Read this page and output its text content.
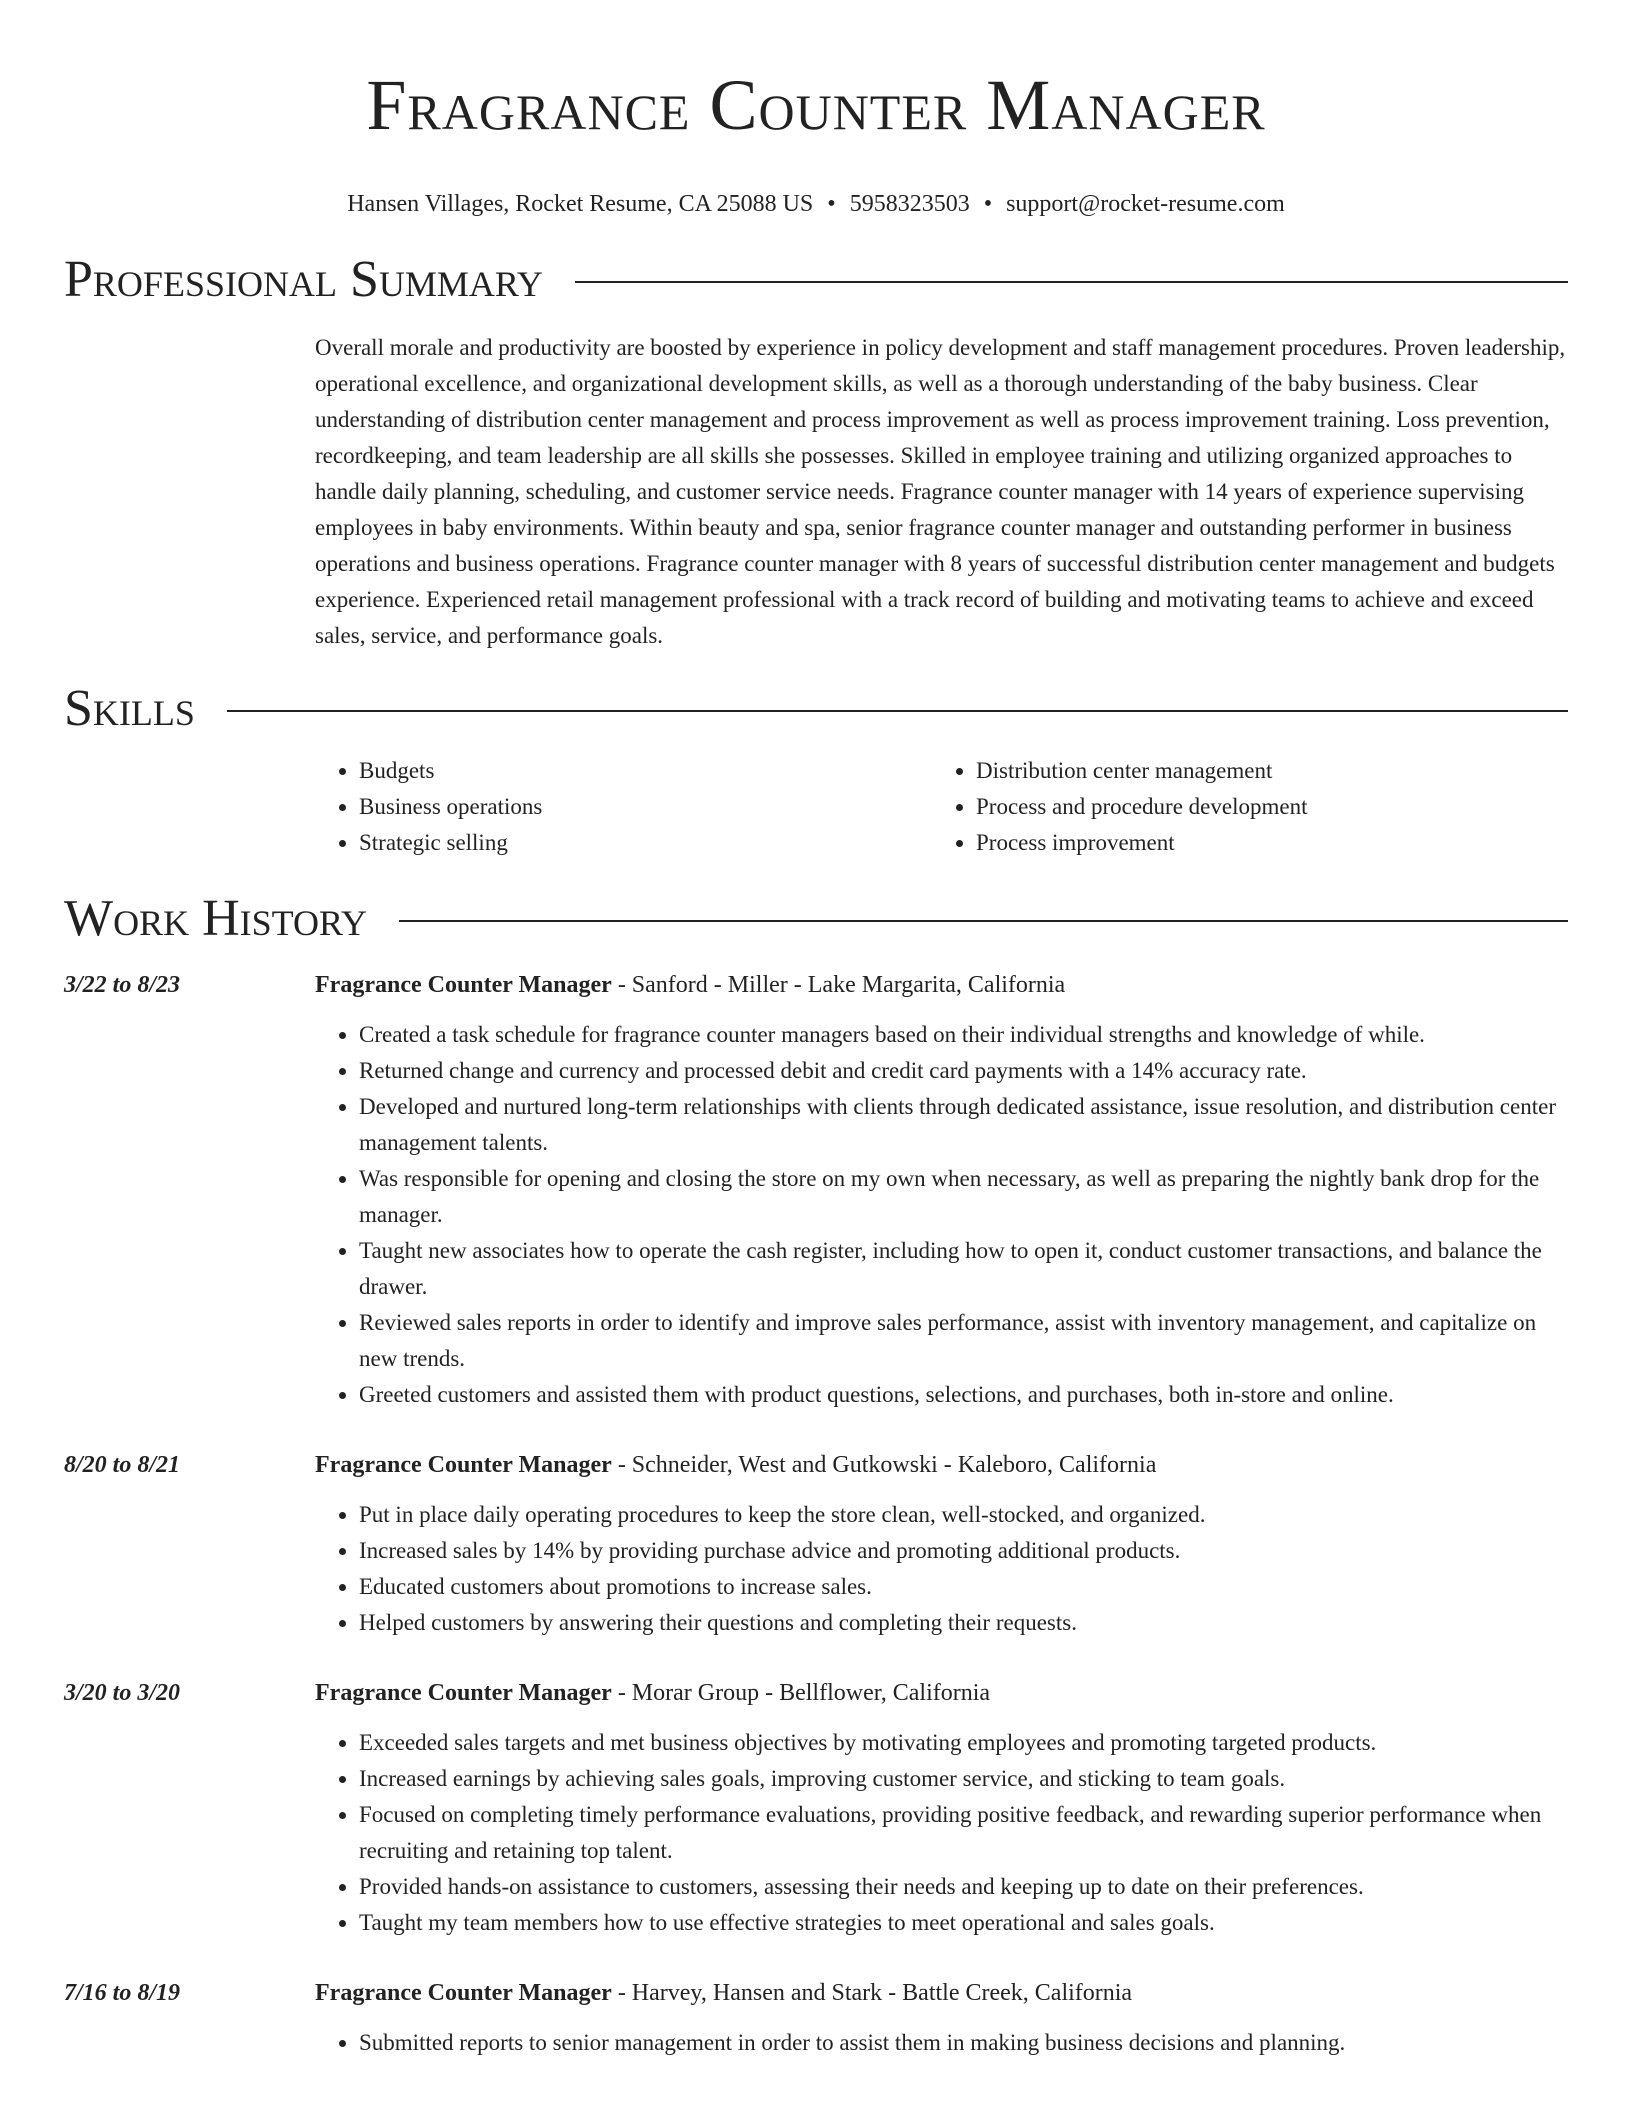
Fragrance Counter Manager
Hansen Villages, Rocket Resume, CA 25088 US • 5958323503 • support@rocket-resume.com
Professional Summary
Overall morale and productivity are boosted by experience in policy development and staff management procedures. Proven leadership, operational excellence, and organizational development skills, as well as a thorough understanding of the baby business. Clear understanding of distribution center management and process improvement as well as process improvement training. Loss prevention, recordkeeping, and team leadership are all skills she possesses. Skilled in employee training and utilizing organized approaches to handle daily planning, scheduling, and customer service needs. Fragrance counter manager with 14 years of experience supervising employees in baby environments. Within beauty and spa, senior fragrance counter manager and outstanding performer in business operations and business operations. Fragrance counter manager with 8 years of successful distribution center management and budgets experience. Experienced retail management professional with a track record of building and motivating teams to achieve and exceed sales, service, and performance goals.
Skills
• Budgets
• Business operations
• Strategic selling
• Distribution center management
• Process and procedure development
• Process improvement
Work History
3/22 to 8/23	Fragrance Counter Manager - Sanford - Miller - Lake Margarita, California
• Created a task schedule for fragrance counter managers based on their individual strengths and knowledge of while.
• Returned change and currency and processed debit and credit card payments with a 14% accuracy rate.
• Developed and nurtured long-term relationships with clients through dedicated assistance, issue resolution, and distribution center management talents.
• Was responsible for opening and closing the store on my own when necessary, as well as preparing the nightly bank drop for the manager.
• Taught new associates how to operate the cash register, including how to open it, conduct customer transactions, and balance the drawer.
• Reviewed sales reports in order to identify and improve sales performance, assist with inventory management, and capitalize on new trends.
• Greeted customers and assisted them with product questions, selections, and purchases, both in-store and online.
8/20 to 8/21	Fragrance Counter Manager - Schneider, West and Gutkowski - Kaleboro, California
• Put in place daily operating procedures to keep the store clean, well-stocked, and organized.
• Increased sales by 14% by providing purchase advice and promoting additional products.
• Educated customers about promotions to increase sales.
• Helped customers by answering their questions and completing their requests.
3/20 to 3/20	Fragrance Counter Manager - Morar Group - Bellflower, California
• Exceeded sales targets and met business objectives by motivating employees and promoting targeted products.
• Increased earnings by achieving sales goals, improving customer service, and sticking to team goals.
• Focused on completing timely performance evaluations, providing positive feedback, and rewarding superior performance when recruiting and retaining top talent.
• Provided hands-on assistance to customers, assessing their needs and keeping up to date on their preferences.
• Taught my team members how to use effective strategies to meet operational and sales goals.
7/16 to 8/19	Fragrance Counter Manager - Harvey, Hansen and Stark - Battle Creek, California
• Submitted reports to senior management in order to assist them in making business decisions and planning.
